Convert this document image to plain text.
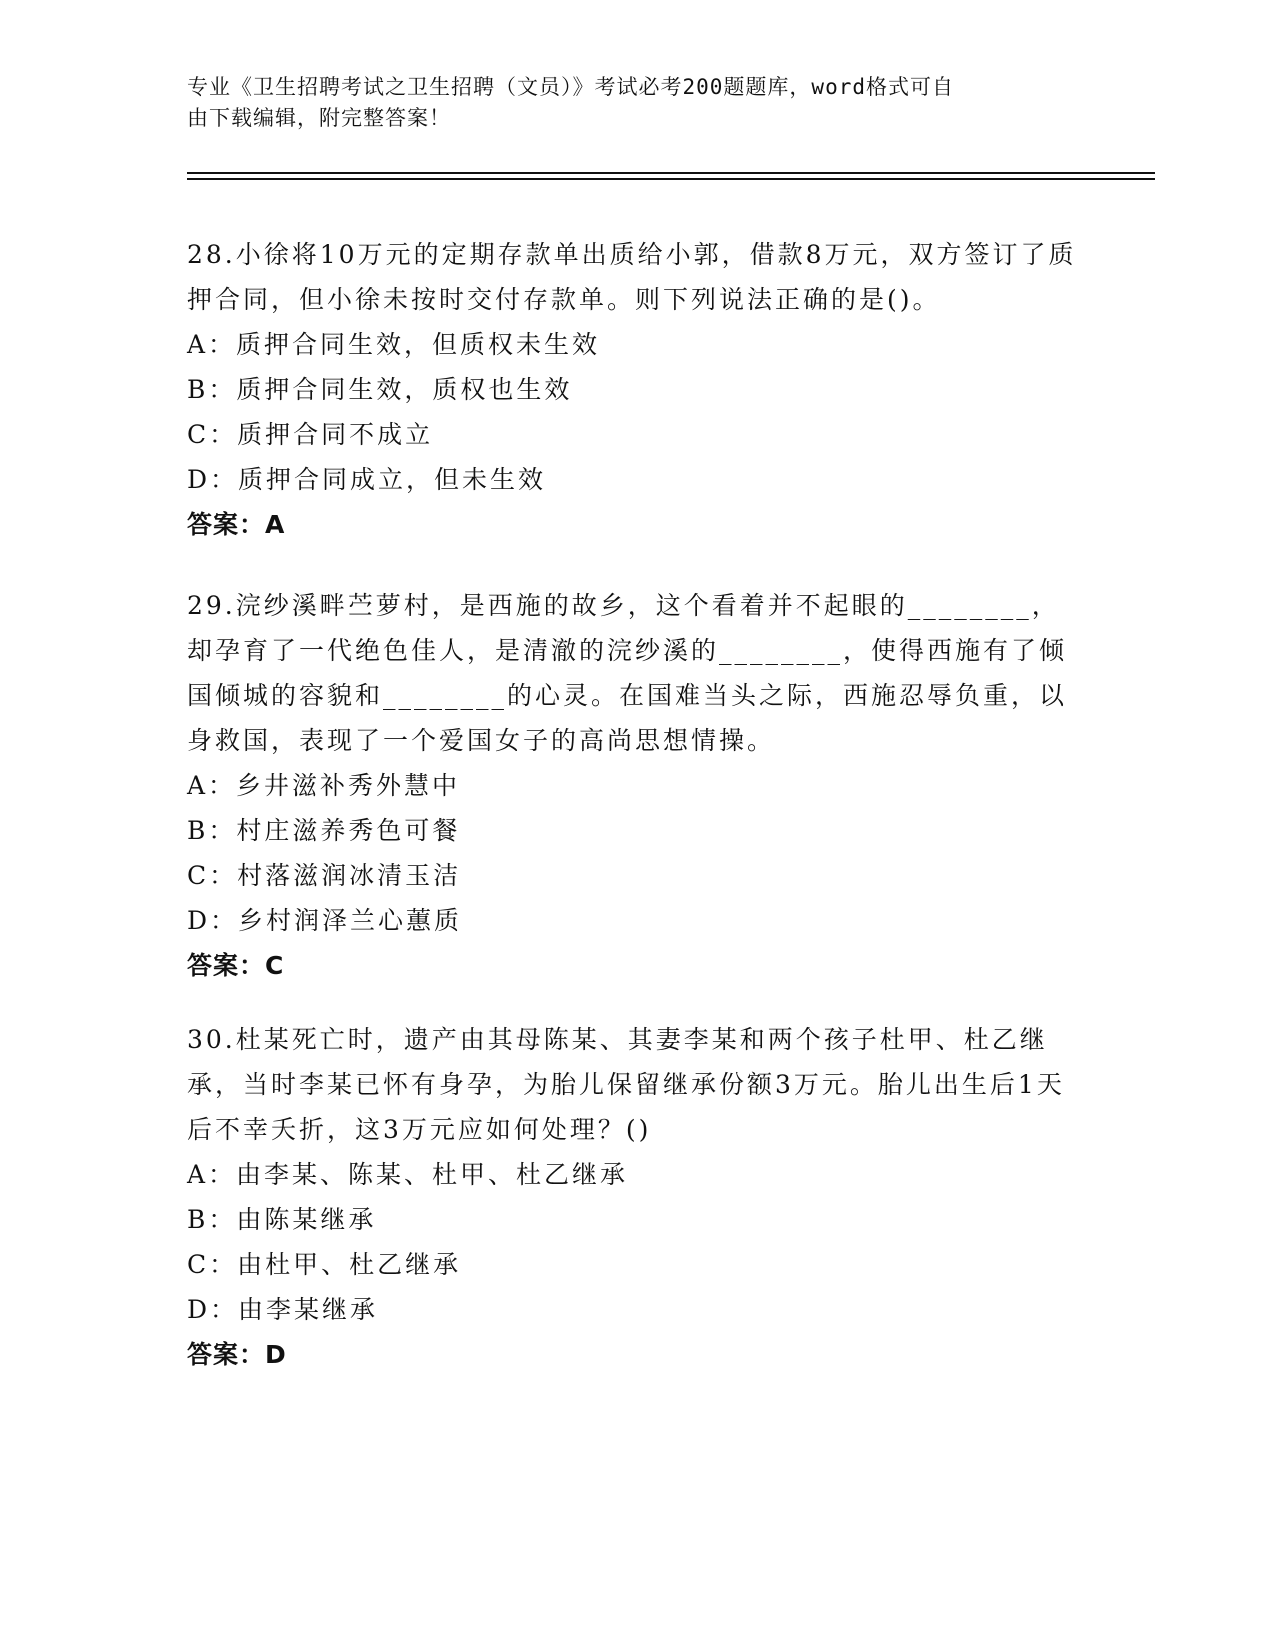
专业《卫生招聘考试之卫生招聘（文员）》考试必考200题题库，word格式可自
由下载编辑，附完整答案！
28.小徐将10万元的定期存款单出质给小郭，借款8万元，双方签订了质押合同，但小徐未按时交付存款单。则下列说法正确的是()。
A：质押合同生效，但质权未生效
B：质押合同生效，质权也生效
C：质押合同不成立
D：质押合同成立，但未生效
答案：A
29.浣纱溪畔苎萝村，是西施的故乡，这个看着并不起眼的________，却孕育了一代绝色佳人，是清澈的浣纱溪的________，使得西施有了倾国倾城的容貌和________的心灵。在国难当头之际，西施忍辱负重，以身救国，表现了一个爱国女子的高尚思想情操。
A：乡井滋补秀外慧中
B：村庄滋养秀色可餐
C：村落滋润冰清玉洁
D：乡村润泽兰心蕙质
答案：C
30.杜某死亡时，遗产由其母陈某、其妻李某和两个孩子杜甲、杜乙继承，当时李某已怀有身孕，为胎儿保留继承份额3万元。胎儿出生后1天后不幸夭折，这3万元应如何处理？()
A：由李某、陈某、杜甲、杜乙继承
B：由陈某继承
C：由杜甲、杜乙继承
D：由李某继承
答案：D
